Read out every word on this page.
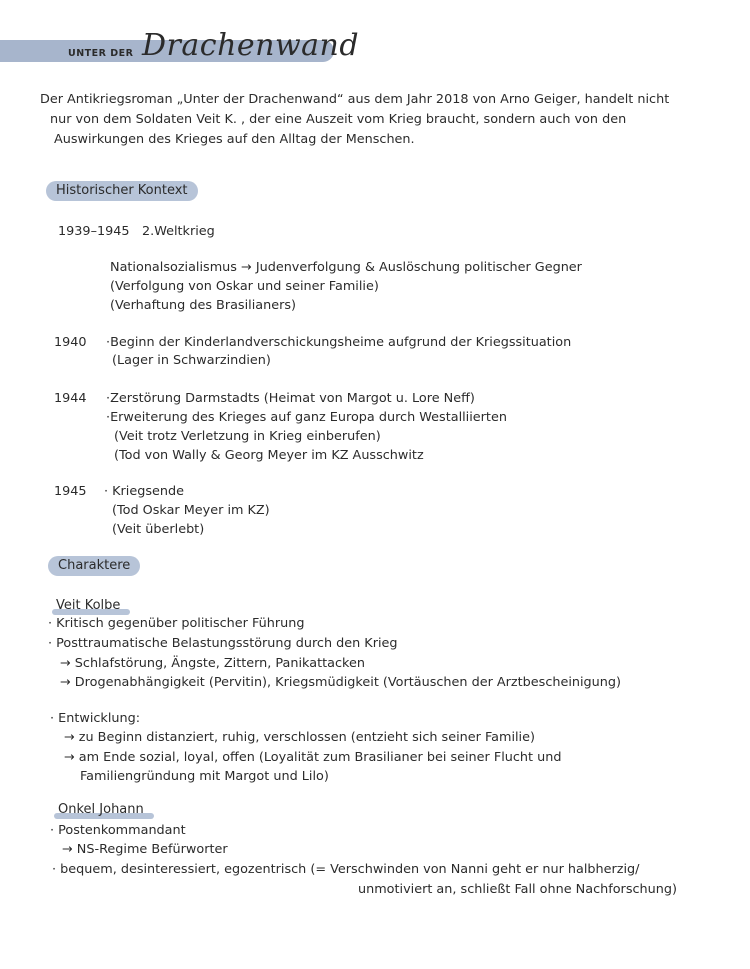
UNTER DER Drachenwand
Der Antikriegsroman „Unter der Drachenwand“ aus dem Jahr 2018 von Arno Geiger, handelt nicht
nur von dem Soldaten Veit K. , der eine Auszeit vom Krieg braucht, sondern auch von den
Auswirkungen des Krieges auf den Alltag der Menschen.
Historischer Kontext
1939–1945 2.Weltkrieg
Nationalsozialismus → Judenverfolgung & Auslöschung politischer Gegner
(Verfolgung von Oskar und seiner Familie)
(Verhaftung des Brasilianers)
1940 ·Beginn der Kinderlandverschickungsheime aufgrund der Kriegssituation
(Lager in Schwarzindien)
1944 ·Zerstörung Darmstadts (Heimat von Margot u. Lore Neff)
·Erweiterung des Krieges auf ganz Europa durch Westalliierten
(Veit trotz Verletzung in Krieg einberufen)
(Tod von Wally & Georg Meyer im KZ Ausschwitz
1945 · Kriegsende
(Tod Oskar Meyer im KZ)
(Veit überlebt)
Charaktere
Veit Kolbe
· Kritisch gegenüber politischer Führung
· Posttraumatische Belastungsstörung durch den Krieg
→ Schlafstörung, Ängste, Zittern, Panikattacken
→ Drogenabhängigkeit (Pervitin), Kriegsmüdigkeit (Vortäuschen der Arztbescheinigung)
· Entwicklung:
→ zu Beginn distanziert, ruhig, verschlossen (entzieht sich seiner Familie)
→ am Ende sozial, loyal, offen (Loyalität zum Brasilianer bei seiner Flucht und
Familiengründung mit Margot und Lilo)
Onkel Johann
· Postenkommandant
→ NS-Regime Befürworter
· bequem, desinteressiert, egozentrisch (= Verschwinden von Nanni geht er nur halbherzig/
unmotiviert an, schließt Fall ohne Nachforschung)
